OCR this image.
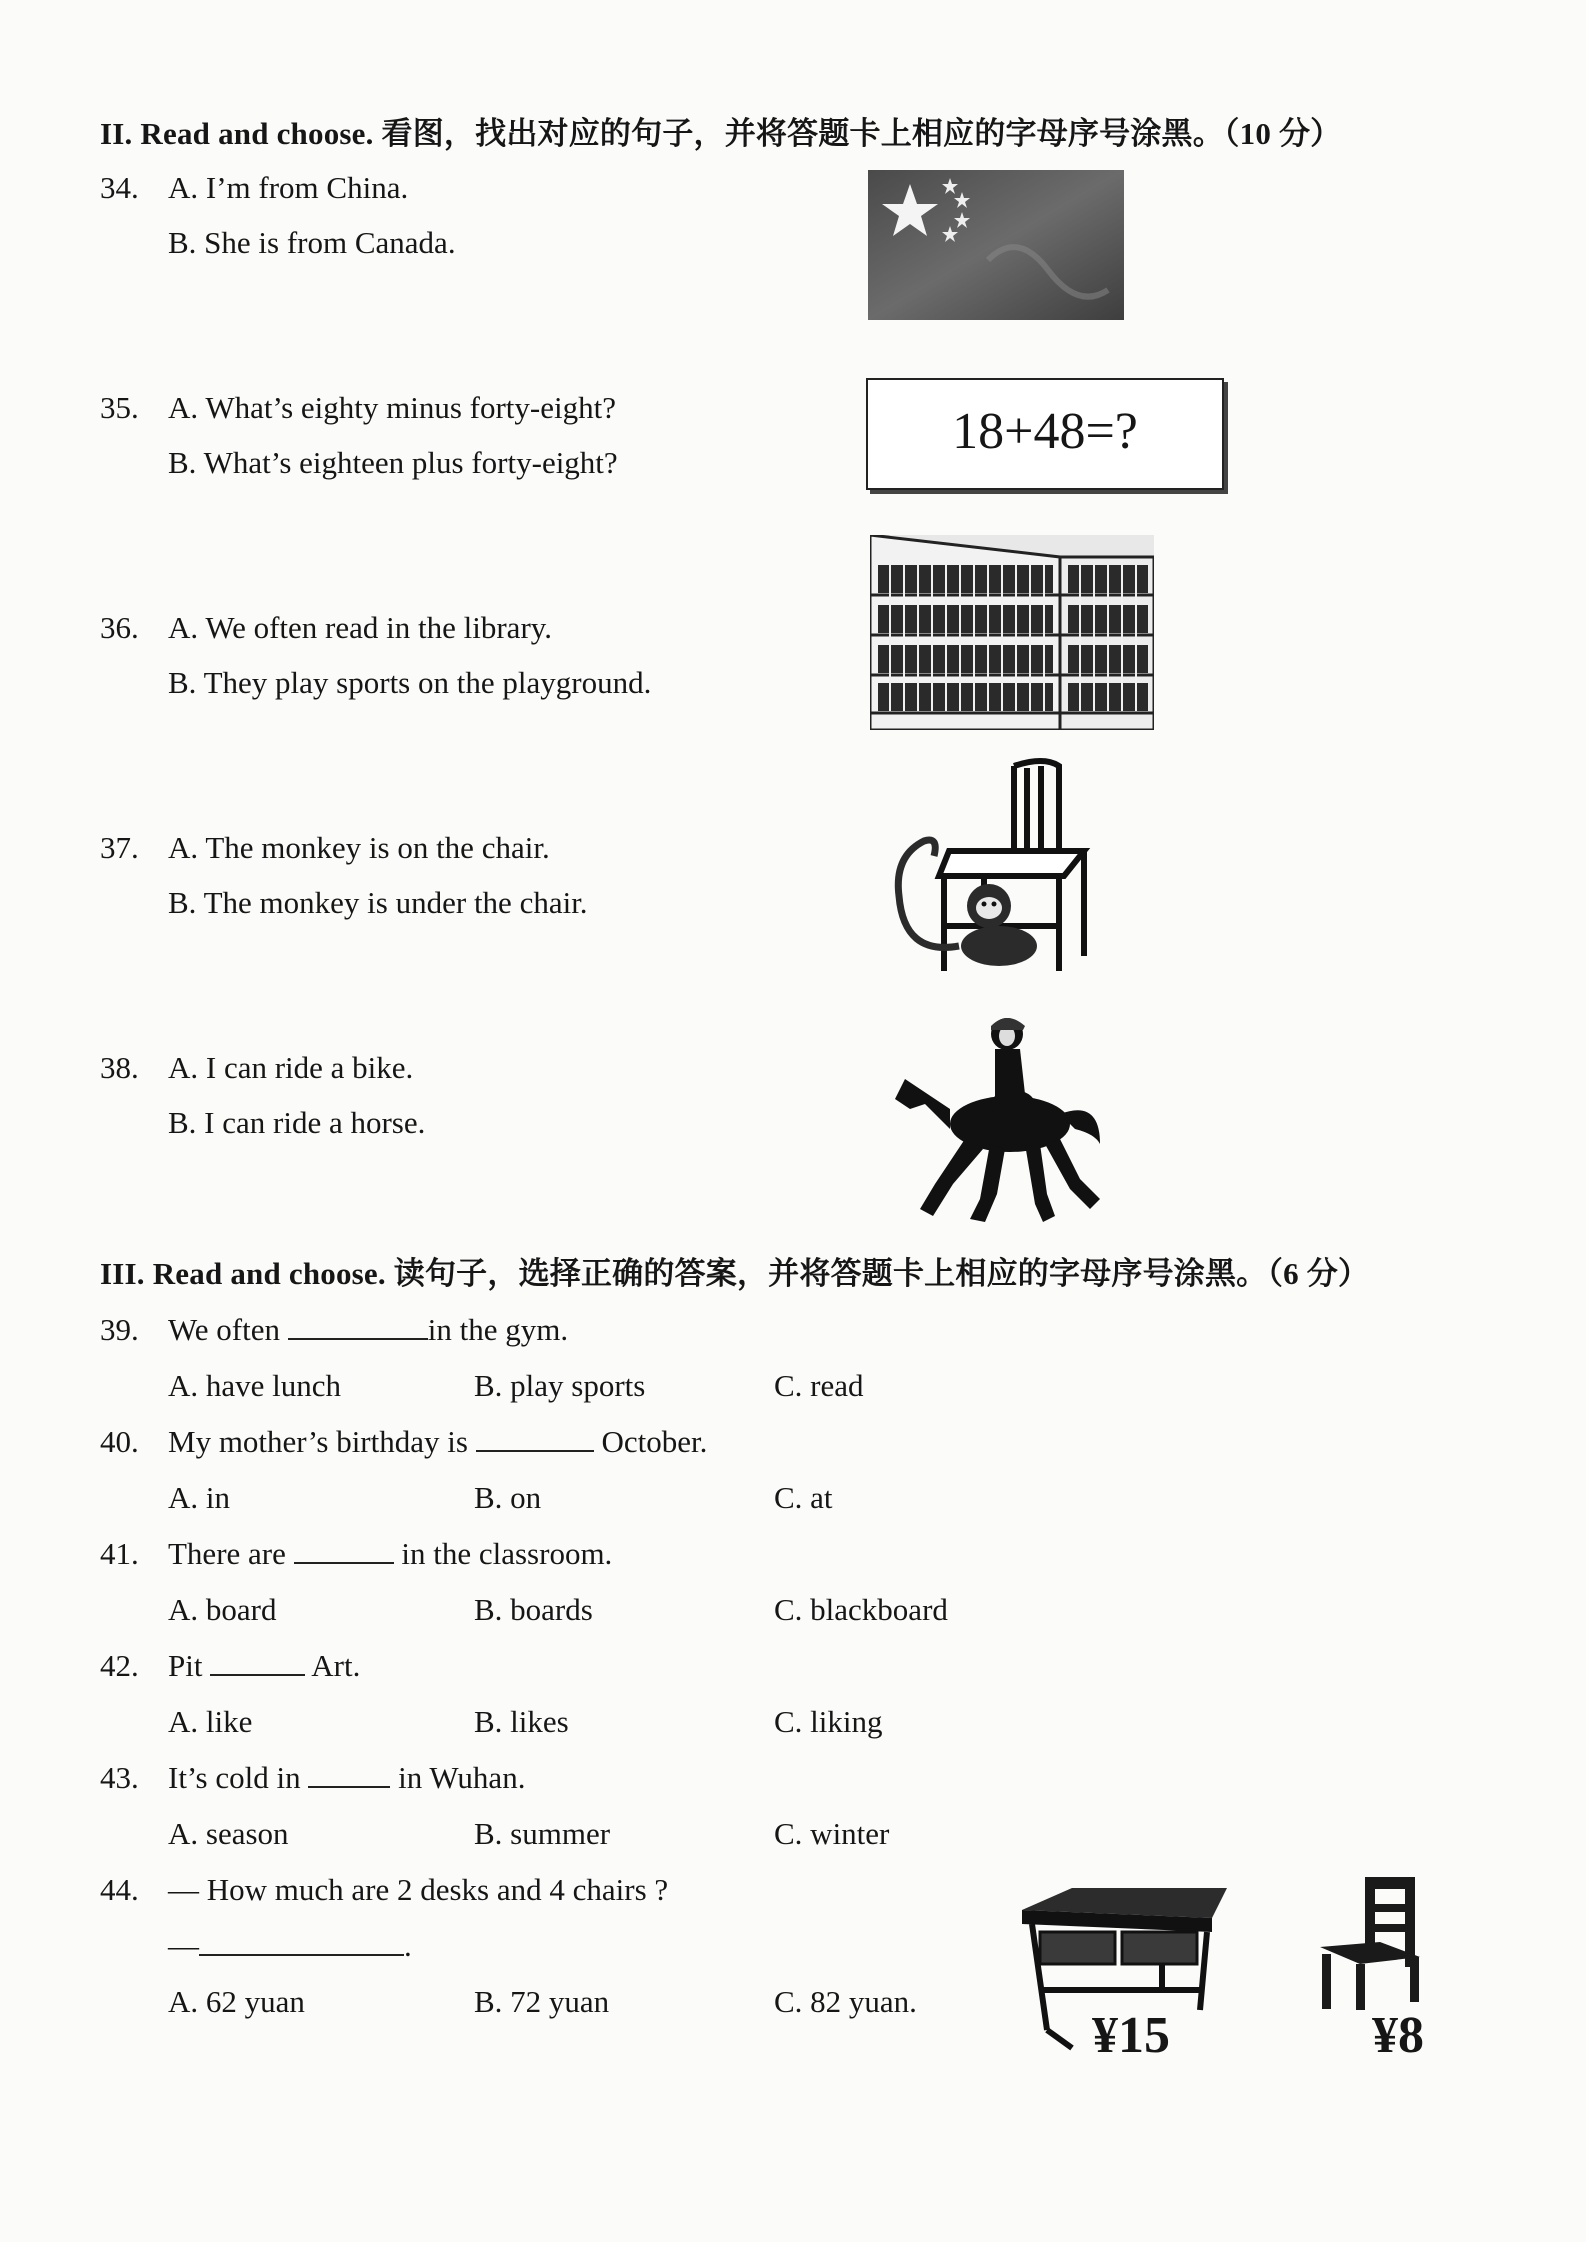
II. Read and choose. 看图，找出对应的句子，并将答题卡上相应的字母序号涂黑。（10 分）
34. A. I’m from China.
B. She is from Canada.
35. A. What’s eighty minus forty-eight?
B. What’s eighteen plus forty-eight?
18+48=?
36. A. We often read in the library.
B. They play sports on the playground.
37. A. The monkey is on the chair.
B. The monkey is under the chair.
38. A. I can ride a bike.
B. I can ride a horse.
III. Read and choose. 读句子，选择正确的答案，并将答题卡上相应的字母序号涂黑。（6 分）
39. We often	in the gym.
A. have lunch	B. play sports	C. read
40. My mother’s birthday is	October.
A. in	B. on	C. at
41. There are	in the classroom.
A. board	B. boards	C. blackboard
42. Pit	Art.
A. like	B. likes	C. liking
43. It’s cold in	in Wuhan.
A. season	B. summer	C. winter
44. — How much are 2 desks and 4 chairs ?
—	.
A. 62 yuan	B. 72 yuan	C. 82 yuan.
¥15	¥8
